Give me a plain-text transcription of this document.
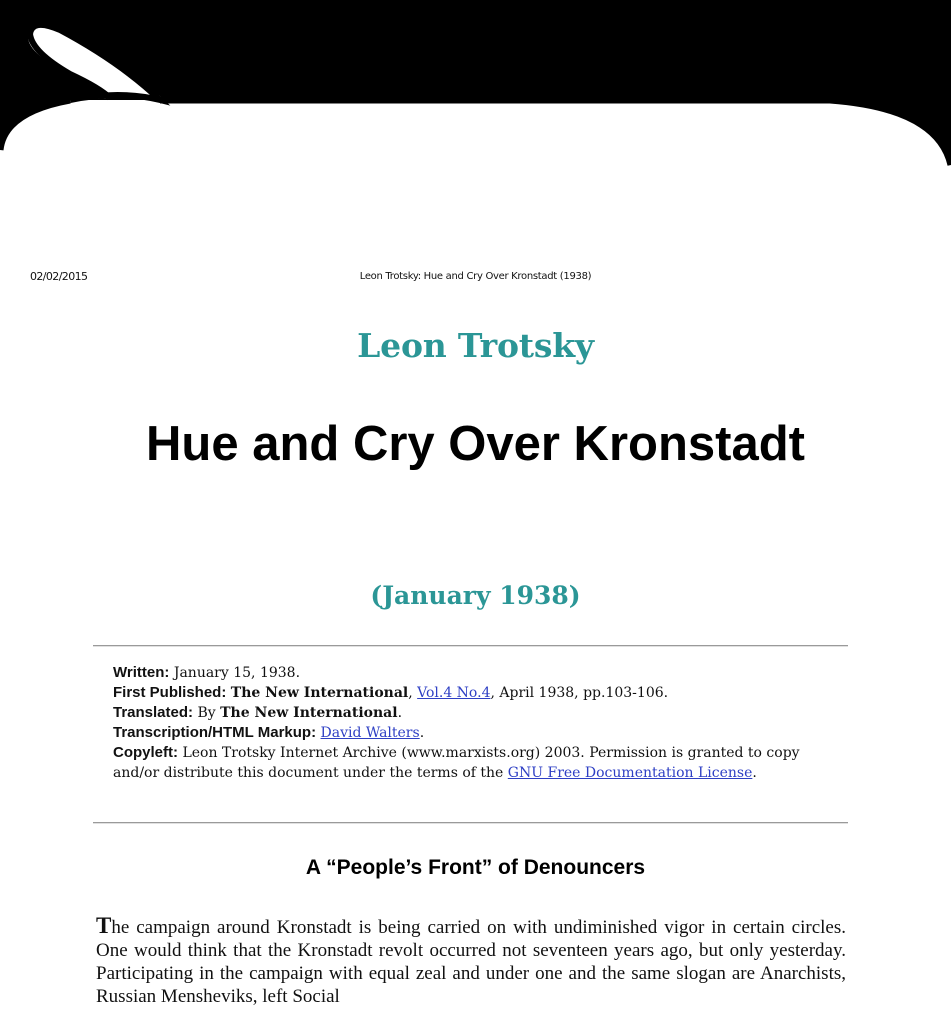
02/02/2015	Leon Trotsky: Hue and Cry Over Kronstadt (1938)
Leon Trotsky
Hue and Cry Over Kronstadt
(January 1938)
Written: January 15, 1938.
First Published: The New International, Vol.4 No.4, April 1938, pp.103-106.
Translated: By The New International.
Transcription/HTML Markup: David Walters.
Copyleft: Leon Trotsky Internet Archive (www.marxists.org) 2003. Permission is granted to copy and/or distribute this document under the terms of the GNU Free Documentation License.
A “People’s Front” of Denouncers
The campaign around Kronstadt is being carried on with undiminished vigor in certain circles. One would think that the Kronstadt revolt occurred not seventeen years ago, but only yesterday. Participating in the campaign with equal zeal and under one and the same slogan are Anarchists, Russian Mensheviks, left Social
